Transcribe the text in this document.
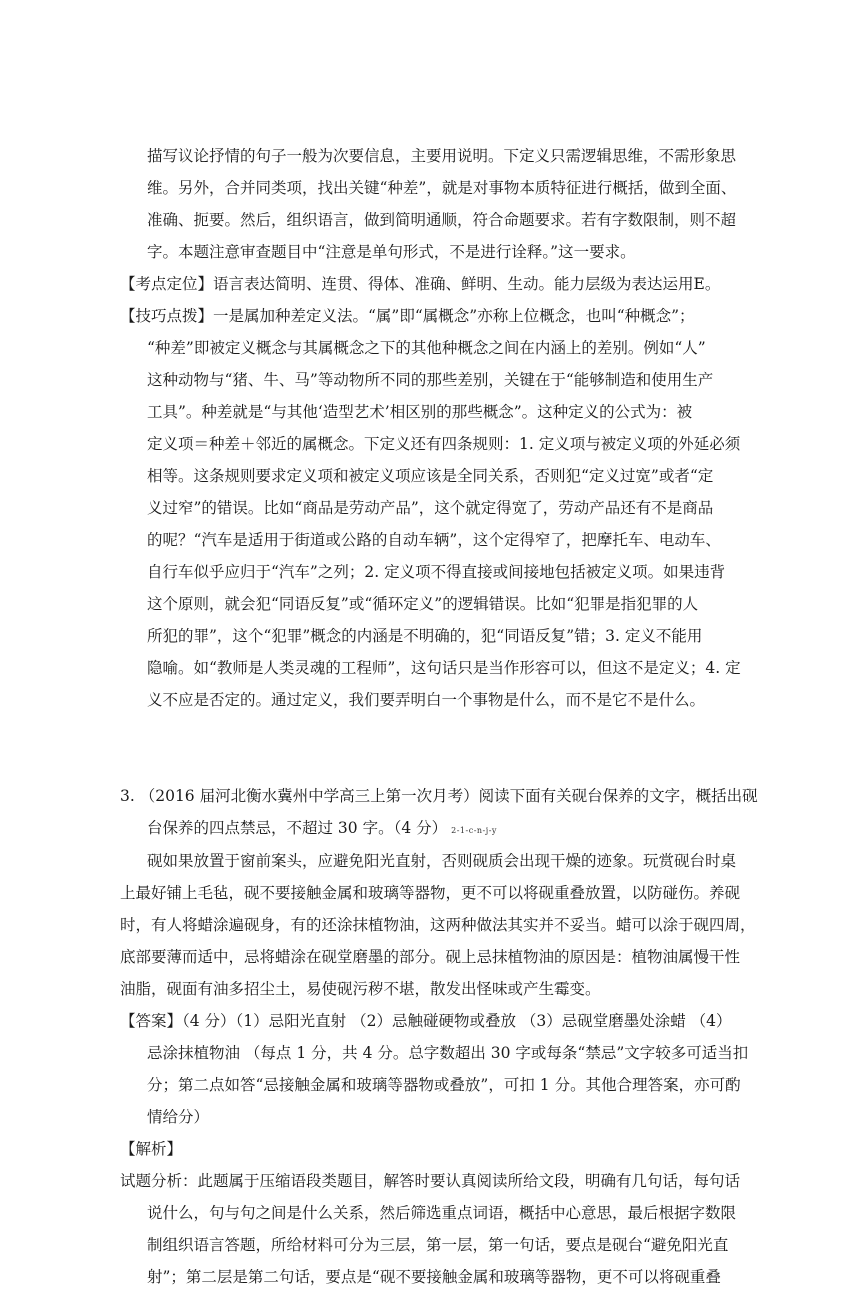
描写议论抒情的句子一般为次要信息，主要用说明。下定义只需逻辑思维，不需形象思
维。另外，合并同类项，找出关键“种差”，就是对事物本质特征进行概括，做到全面、
准确、扼要。然后，组织语言，做到简明通顺，符合命题要求。若有字数限制，则不超
字。本题注意审查题目中“注意是单句形式，不是进行诠释。”这一要求。
【考点定位】语言表达简明、连贯、得体、准确、鲜明、生动。能力层级为表达运用E。
【技巧点拨】一是属加种差定义法。“属”即“属概念”亦称上位概念，也叫“种概念”；
“种差”即被定义概念与其属概念之下的其他种概念之间在内涵上的差别。例如“人”
这种动物与“猪、牛、马”等动物所不同的那些差别，关键在于“能够制造和使用生产
工具”。种差就是“与其他‘造型艺术’相区别的那些概念”。这种定义的公式为：被
定义项＝种差＋邻近的属概念。下定义还有四条规则：1. 定义项与被定义项的外延必须
相等。这条规则要求定义项和被定义项应该是全同关系，否则犯“定义过宽”或者“定
义过窄”的错误。比如“商品是劳动产品”，这个就定得宽了，劳动产品还有不是商品
的呢？“汽车是适用于街道或公路的自动车辆”，这个定得窄了，把摩托车、电动车、
自行车似乎应归于“汽车”之列；2. 定义项不得直接或间接地包括被定义项。如果违背
这个原则，就会犯“同语反复”或“循环定义”的逻辑错误。比如“犯罪是指犯罪的人
所犯的罪”，这个“犯罪”概念的内涵是不明确的，犯“同语反复”错；3. 定义不能用
隐喻。如“教师是人类灵魂的工程师”，这句话只是当作形容可以，但这不是定义；4. 定
义不应是否定的。通过定义，我们要弄明白一个事物是什么，而不是它不是什么。
3. （2016 届河北衡水冀州中学高三上第一次月考）阅读下面有关砚台保养的文字，概括出砚
台保养的四点禁忌，不超过 30 字。（4 分） 2-1-c-n-j-y
砚如果放置于窗前案头，应避免阳光直射，否则砚质会出现干燥的迹象。玩赏砚台时桌
上最好铺上毛毡，砚不要接触金属和玻璃等器物，更不可以将砚重叠放置，以防碰伤。养砚
时，有人将蜡涂遍砚身，有的还涂抹植物油，这两种做法其实并不妥当。蜡可以涂于砚四周，
底部要薄而适中，忌将蜡涂在砚堂磨墨的部分。砚上忌抹植物油的原因是：植物油属慢干性
油脂，砚面有油多招尘土，易使砚污秽不堪，散发出怪味或产生霉变。
【答案】（4 分）（1）忌阳光直射 （2）忌触碰硬物或叠放 （3）忌砚堂磨墨处涂蜡 （4）
忌涂抹植物油 （每点 1 分，共 4 分。总字数超出 30 字或每条“禁忌”文字较多可适当扣
分；第二点如答“忌接触金属和玻璃等器物或叠放”，可扣 1 分。其他合理答案，亦可酌
情给分）
【解析】
试题分析：此题属于压缩语段类题目，解答时要认真阅读所给文段，明确有几句话，每句话
说什么，句与句之间是什么关系，然后筛选重点词语，概括中心意思，最后根据字数限
制组织语言答题，所给材料可分为三层，第一层，第一句话，要点是砚台“避免阳光直
射”；第二层是第二句话，要点是“砚不要接触金属和玻璃等器物，更不可以将砚重叠
